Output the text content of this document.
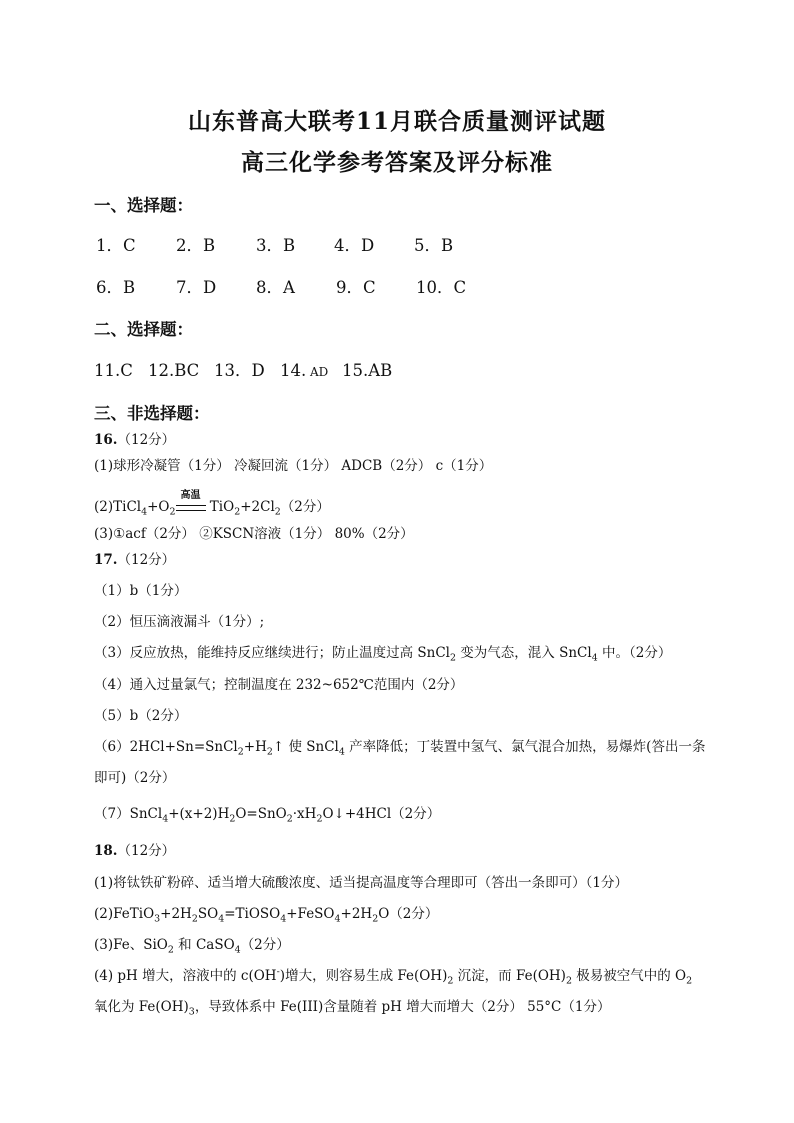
山东普高大联考11月联合质量测评试题
高三化学参考答案及评分标准
一、选择题：
1．C 2．B 3．B 4．D 5．B
6．B 7．D 8．A 9．C 10．C
二、选择题：
11.C 12.BC 13．D 14. AD 15.AB
三、非选择题：
16.（12分）
(1)球形冷凝管（1分） 冷凝回流（1分） ADCB（2分） c（1分）
$(2)TiCl_4+O_2$
高温
$TiO_2+2Cl_2(2$分）
(3)①acf（2分） ②KSCN溶液（1分） 80%（2分）
17.（12分）
（1）b（1分）
（2）恒压滴液漏斗（1分）;
（3）反应放热，能维持反应继续进行；防止温度过高 SnCl$_2$ 变为气态，混入 SnCl$_4$ 中。（2分）
（4）通入过量氯气；控制温度在 232~652℃范围内（2分）
（5）b（2分）
$(6)2HCl+Sn=SnCl_2+H_2↑$ 使 SnCl$_4$ 产率降低；丁装置中氢气、氯气混合加热，易爆炸(答出一条
即可)（2分）
$(7)SnCl_4+(x+2)H_2O=SnO_2\cdot xH_2O↓+4HCl(2$分）
18.（12分）
(1)将钛铁矿粉碎、适当增大硫酸浓度、适当提高温度等合理即可（答出一条即可）（1分）
$(2)FeTiO_3+2H_2SO_4=TiOSO_4+FeSO_4+2H_2O(2$分）
(3)Fe、SiO$_2$ 和 CaSO$_4$（2分）
(4) pH 增大，溶液中的 c(OH-)增大，则容易生成 $Fe(OH)_2$ 沉淀，而 $Fe(OH)_2$ 极易被空气中的 $O_2$
氧化为 $Fe(OH)_3$，导致体系中 Fe(III)含量随着 pH 增大而增大（2分） 55°C（1分）
